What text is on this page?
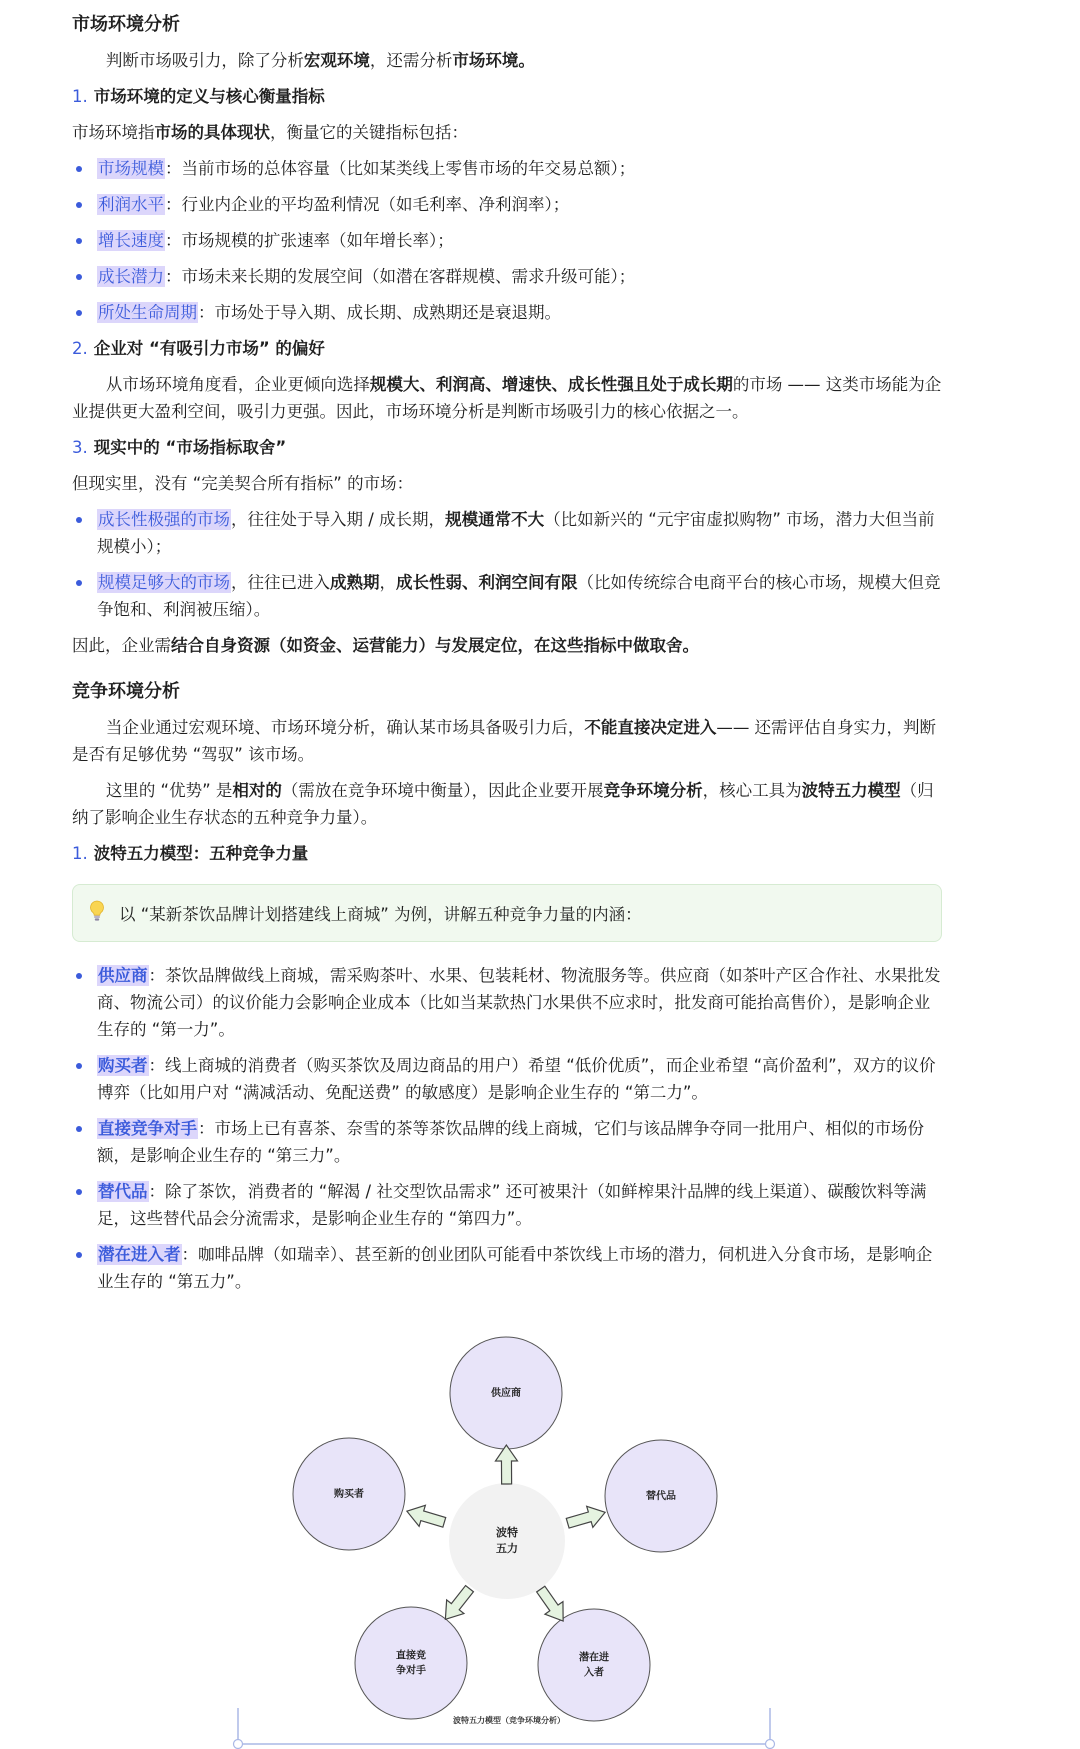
市场环境分析

判断市场吸引力，除了分析宏观环境，还需分析市场环境。

1. 市场环境的定义与核心衡量指标

市场环境指市场的具体现状，衡量它的关键指标包括：

市场规模：当前市场的总体容量（比如某类线上零售市场的年交易总额）；
利润水平：行业内企业的平均盈利情况（如毛利率、净利润率）；
增长速度：市场规模的扩张速率（如年增长率）；
成长潜力：市场未来长期的发展空间（如潜在客群规模、需求升级可能）；
所处生命周期：市场处于导入期、成长期、成熟期还是衰退期。
2. 企业对 “有吸引力市场” 的偏好

从市场环境角度看，企业更倾向选择规模大、利润高、增速快、成长性强且处于成长期的市场 —— 这类市场能为企业提供更大盈利空间，吸引力更强。因此，市场环境分析是判断市场吸引力的核心依据之一。

3. 现实中的 “市场指标取舍”

但现实里，没有 “完美契合所有指标” 的市场：

成长性极强的市场，往往处于导入期 / 成长期，规模通常不大（比如新兴的 “元宇宙虚拟购物” 市场，潜力大但当前规模小）；
规模足够大的市场，往往已进入成熟期，成长性弱、利润空间有限（比如传统综合电商平台的核心市场，规模大但竞争饱和、利润被压缩）。

因此，企业需结合自身资源（如资金、运营能力）与发展定位，在这些指标中做取舍。

竞争环境分析

当企业通过宏观环境、市场环境分析，确认某市场具备吸引力后，不能直接决定进入—— 还需评估自身实力，判断是否有足够优势 “驾驭” 该市场。

这里的 “优势” 是相对的（需放在竞争环境中衡量），因此企业要开展竞争环境分析，核心工具为波特五力模型（归纳了影响企业生存状态的五种竞争力量）。

1. 波特五力模型：五种竞争力量
以 “某新茶饮品牌计划搭建线上商城” 为例，讲解五种竞争力量的内涵：
供应商：茶饮品牌做线上商城，需采购茶叶、水果、包装耗材、物流服务等。供应商（如茶叶产区合作社、水果批发商、物流公司）的议价能力会影响企业成本（比如当某款热门水果供不应求时，批发商可能抬高售价），是影响企业生存的 “第一力”。
购买者：线上商城的消费者（购买茶饮及周边商品的用户）希望 “低价优质”，而企业希望 “高价盈利”，双方的议价博弈（比如用户对 “满减活动、免配送费” 的敏感度）是影响企业生存的 “第二力”。
直接竞争对手：市场上已有喜茶、奈雪的茶等茶饮品牌的线上商城，它们与该品牌争夺同一批用户、相似的市场份额，是影响企业生存的 “第三力”。
替代品：除了茶饮，消费者的 “解渴 / 社交型饮品需求” 还可被果汁（如鲜榨果汁品牌的线上渠道）、碳酸饮料等满足，这些替代品会分流需求，是影响企业生存的 “第四力”。
潜在进入者：咖啡品牌（如瑞幸）、甚至新的创业团队可能看中茶饮线上市场的潜力，伺机进入分食市场，是影响企业生存的 “第五力”。
波特
五力
供应商
购买者	替代品
直接竞
争对手
潜在进
入者
波特五力模型（竞争环境分析）
